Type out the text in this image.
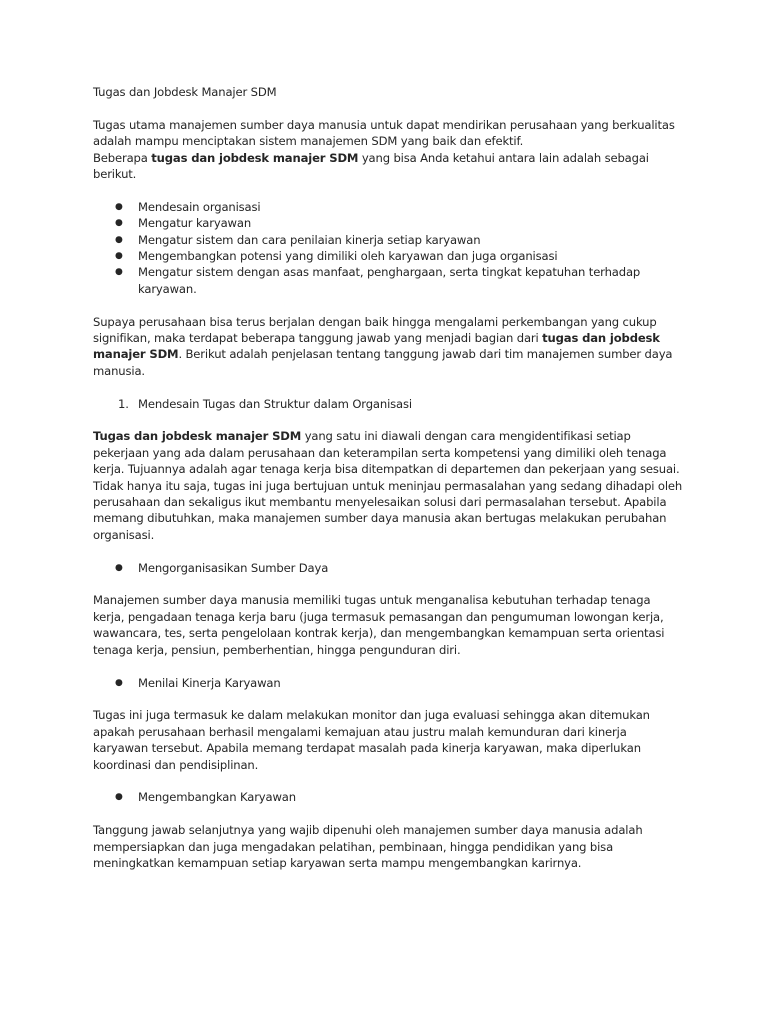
Tugas dan Jobdesk Manajer SDM

Tugas utama manajemen sumber daya manusia untuk dapat mendirikan perusahaan yang berkualitas adalah mampu menciptakan sistem manajemen SDM yang baik dan efektif.

Beberapa tugas dan jobdesk manajer SDM yang bisa Anda ketahui antara lain adalah sebagai berikut.

● Mendesain organisasi
● Mengatur karyawan
● Mengatur sistem dan cara penilaian kinerja setiap karyawan
● Mengembangkan potensi yang dimiliki oleh karyawan dan juga organisasi
● Mengatur sistem dengan asas manfaat, penghargaan, serta tingkat kepatuhan terhadap karyawan.

Supaya perusahaan bisa terus berjalan dengan baik hingga mengalami perkembangan yang cukup signifikan, maka terdapat beberapa tanggung jawab yang menjadi bagian dari tugas dan jobdesk manajer SDM. Berikut adalah penjelasan tentang tanggung jawab dari tim manajemen sumber daya manusia.

1. Mendesain Tugas dan Struktur dalam Organisasi

Tugas dan jobdesk manajer SDM yang satu ini diawali dengan cara mengidentifikasi setiap pekerjaan yang ada dalam perusahaan dan keterampilan serta kompetensi yang dimiliki oleh tenaga kerja. Tujuannya adalah agar tenaga kerja bisa ditempatkan di departemen dan pekerjaan yang sesuai. Tidak hanya itu saja, tugas ini juga bertujuan untuk meninjau permasalahan yang sedang dihadapi oleh perusahaan dan sekaligus ikut membantu menyelesaikan solusi dari permasalahan tersebut. Apabila memang dibutuhkan, maka manajemen sumber daya manusia akan bertugas melakukan perubahan organisasi.

● Mengorganisasikan Sumber Daya

Manajemen sumber daya manusia memiliki tugas untuk menganalisa kebutuhan terhadap tenaga kerja, pengadaan tenaga kerja baru (juga termasuk pemasangan dan pengumuman lowongan kerja, wawancara, tes, serta pengelolaan kontrak kerja), dan mengembangkan kemampuan serta orientasi tenaga kerja, pensiun, pemberhentian, hingga pengunduran diri.

● Menilai Kinerja Karyawan

Tugas ini juga termasuk ke dalam melakukan monitor dan juga evaluasi sehingga akan ditemukan apakah perusahaan berhasil mengalami kemajuan atau justru malah kemunduran dari kinerja karyawan tersebut. Apabila memang terdapat masalah pada kinerja karyawan, maka diperlukan koordinasi dan pendisiplinan.

● Mengembangkan Karyawan

Tanggung jawab selanjutnya yang wajib dipenuhi oleh manajemen sumber daya manusia adalah mempersiapkan dan juga mengadakan pelatihan, pembinaan, hingga pendidikan yang bisa meningkatkan kemampuan setiap karyawan serta mampu mengembangkan karirnya.
